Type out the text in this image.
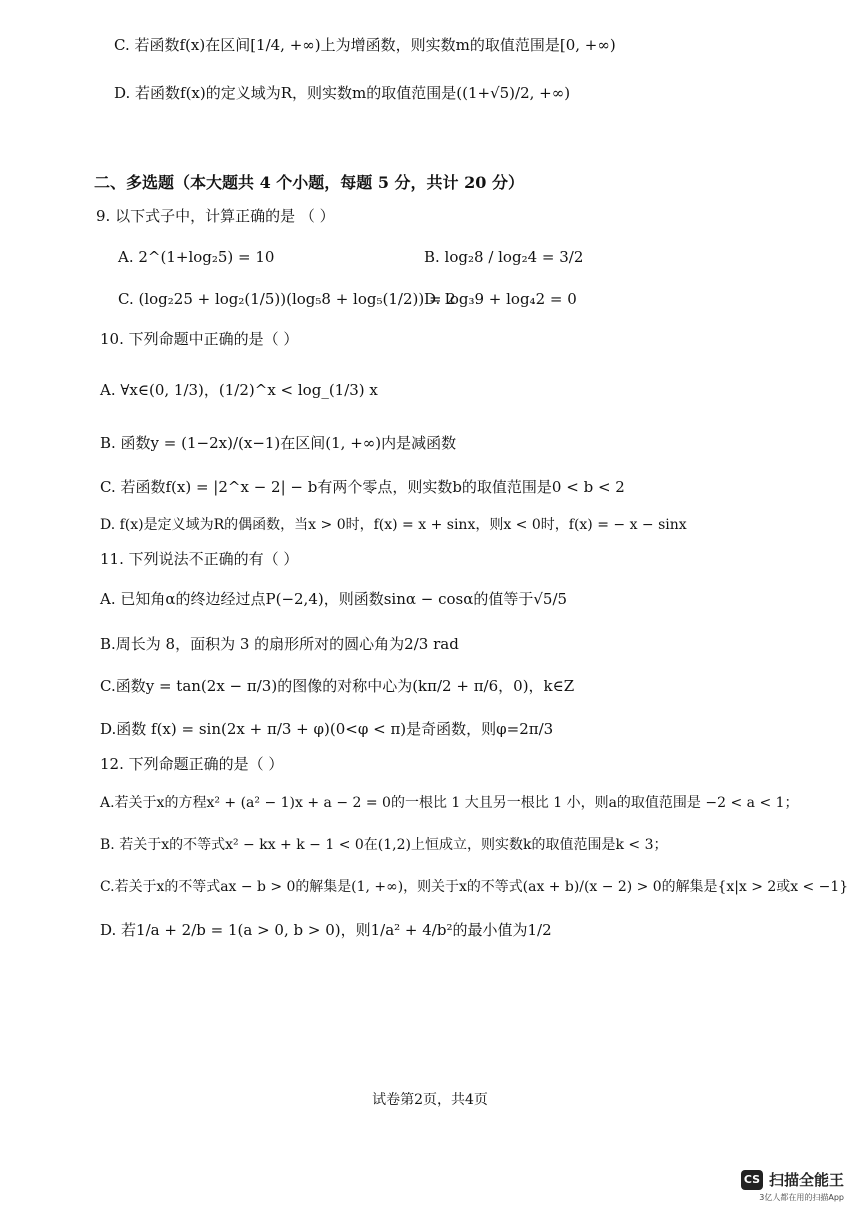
C. 若函数f(x)在区间[1/4, +∞)上为增函数，则实数m的取值范围是[0, +∞)
D. 若函数f(x)的定义域为R，则实数m的取值范围是((1+√5)/2, +∞)
二、多选题（本大题共 4 个小题，每题 5 分，共计 20 分）
9. 以下式子中，计算正确的是 （ ）
A. 2^(1+log₂5) = 10	B. log₂8 / log₂4 = 3/2
C. (log₂25 + log₂(1/5))(log₅8 + log₅(1/2)) = 2
D. log₃9 + log₄2 = 0
10. 下列命题中正确的是（ ）
A. ∀x∈(0, 1/3)，(1/2)^x < log_(1/3) x
B. 函数y = (1−2x)/(x−1)在区间(1, +∞)内是减函数
C. 若函数f(x) = |2^x − 2| − b有两个零点，则实数b的取值范围是0 < b < 2
D. f(x)是定义域为R的偶函数，当x > 0时，f(x) = x + sinx，则x < 0时，f(x) = − x − sinx
11. 下列说法不正确的有（ ）
A. 已知角α的终边经过点P(−2,4)，则函数sinα − cosα的值等于√5/5
B.周长为 8，面积为 3 的扇形所对的圆心角为2/3 rad
C.函数y = tan(2x − π/3)的图像的对称中心为(kπ/2 + π/6，0)，k∈Z
D.函数 f(x) = sin(2x + π/3 + φ)(0<φ < π)是奇函数，则φ=2π/3
12. 下列命题正确的是（ ）
A.若关于x的方程x² + (a² − 1)x + a − 2 = 0的一根比 1 大且另一根比 1 小，则a的取值范围是 −2 < a < 1；
B. 若关于x的不等式x² − kx + k − 1 < 0在(1,2)上恒成立，则实数k的取值范围是k < 3；
C.若关于x的不等式ax − b > 0的解集是(1, +∞)，则关于x的不等式(ax + b)/(x − 2) > 0的解集是{x|x > 2或x < −1}
D. 若1/a + 2/b = 1(a > 0, b > 0)，则1/a² + 4/b²的最小值为1/2
试卷第2页，共4页
CS 扫描全能王
3亿人都在用的扫描App
